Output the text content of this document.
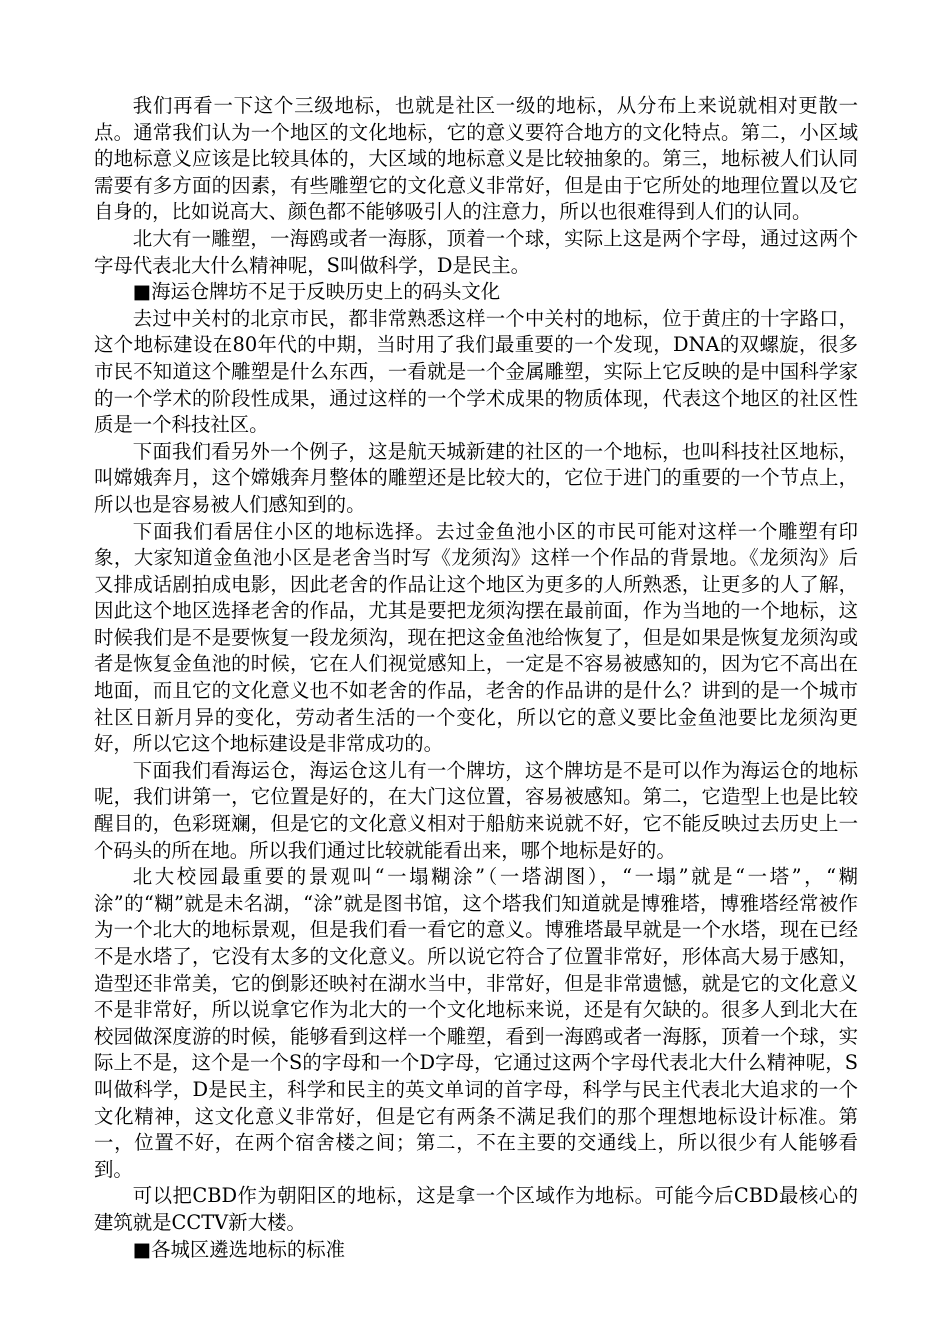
我们再看一下这个三级地标，也就是社区一级的地标，从分布上来说就相对更散一点。通常我们认为一个地区的文化地标，它的意义要符合地方的文化特点。第二，小区域的地标意义应该是比较具体的，大区域的地标意义是比较抽象的。第三，地标被人们认同需要有多方面的因素，有些雕塑它的文化意义非常好，但是由于它所处的地理位置以及它自身的，比如说高大、颜色都不能够吸引人的注意力，所以也很难得到人们的认同。

北大有一雕塑，一海鸥或者一海豚，顶着一个球，实际上这是两个字母，通过这两个字母代表北大什么精神呢，S叫做科学，D是民主。

■海运仓牌坊不足于反映历史上的码头文化

去过中关村的北京市民，都非常熟悉这样一个中关村的地标，位于黄庄的十字路口，这个地标建设在80年代的中期，当时用了我们最重要的一个发现，DNA的双螺旋，很多市民不知道这个雕塑是什么东西，一看就是一个金属雕塑，实际上它反映的是中国科学家的一个学术的阶段性成果，通过这样的一个学术成果的物质体现，代表这个地区的社区性质是一个科技社区。

下面我们看另外一个例子，这是航天城新建的社区的一个地标，也叫科技社区地标，叫嫦娥奔月，这个嫦娥奔月整体的雕塑还是比较大的，它位于进门的重要的一个节点上，所以也是容易被人们感知到的。

下面我们看居住小区的地标选择。去过金鱼池小区的市民可能对这样一个雕塑有印象，大家知道金鱼池小区是老舍当时写《龙须沟》这样一个作品的背景地。《龙须沟》后又排成话剧拍成电影，因此老舍的作品让这个地区为更多的人所熟悉，让更多的人了解，因此这个地区选择老舍的作品，尤其是要把龙须沟摆在最前面，作为当地的一个地标，这时候我们是不是要恢复一段龙须沟，现在把这金鱼池给恢复了，但是如果是恢复龙须沟或者是恢复金鱼池的时候，它在人们视觉感知上，一定是不容易被感知的，因为它不高出在地面，而且它的文化意义也不如老舍的作品，老舍的作品讲的是什么？讲到的是一个城市社区日新月异的变化，劳动者生活的一个变化，所以它的意义要比金鱼池要比龙须沟更好，所以它这个地标建设是非常成功的。

下面我们看海运仓，海运仓这儿有一个牌坊，这个牌坊是不是可以作为海运仓的地标呢，我们讲第一，它位置是好的，在大门这位置，容易被感知。第二，它造型上也是比较醒目的，色彩斑斓，但是它的文化意义相对于船舫来说就不好，它不能反映过去历史上一个码头的所在地。所以我们通过比较就能看出来，哪个地标是好的。

北大校园最重要的景观叫“一塌糊涂”（一塔湖图），“一塌”就是“一塔”，“糊涂”的“糊”就是未名湖，“涂”就是图书馆，这个塔我们知道就是博雅塔，博雅塔经常被作为一个北大的地标景观，但是我们看一看它的意义。博雅塔最早就是一个水塔，现在已经不是水塔了，它没有太多的文化意义。所以说它符合了位置非常好，形体高大易于感知，造型还非常美，它的倒影还映衬在湖水当中，非常好，但是非常遗憾，就是它的文化意义不是非常好，所以说拿它作为北大的一个文化地标来说，还是有欠缺的。很多人到北大在校园做深度游的时候，能够看到这样一个雕塑，看到一海鸥或者一海豚，顶着一个球，实际上不是，这个是一个S的字母和一个D字母，它通过这两个字母代表北大什么精神呢，S叫做科学，D是民主，科学和民主的英文单词的首字母，科学与民主代表北大追求的一个文化精神，这文化意义非常好，但是它有两条不满足我们的那个理想地标设计标准。第一，位置不好，在两个宿舍楼之间；第二，不在主要的交通线上，所以很少有人能够看到。

可以把CBD作为朝阳区的地标，这是拿一个区域作为地标。可能今后CBD最核心的建筑就是CCTV新大楼。

■各城区遴选地标的标准
